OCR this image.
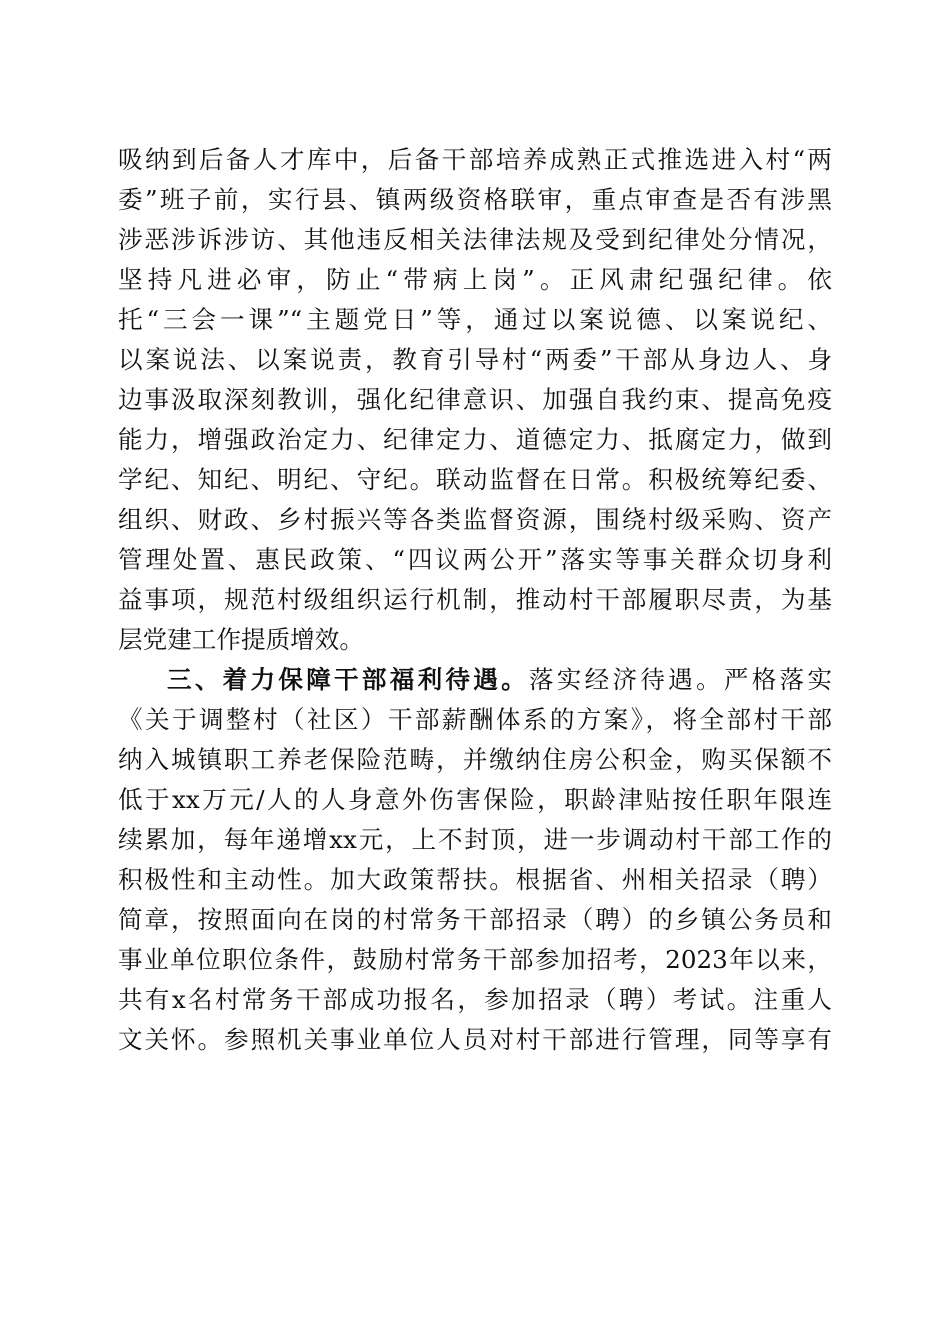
吸纳到后备人才库中，后备干部培养成熟正式推选进入村“两
委”班子前，实行县、镇两级资格联审，重点审查是否有涉黑
涉恶涉诉涉访、其他违反相关法律法规及受到纪律处分情况，
坚持凡进必审，防止“带病上岗”。正风肃纪强纪律。依
托“三会一课”“主题党日”等，通过以案说德、以案说纪、
以案说法、以案说责，教育引导村“两委”干部从身边人、身
边事汲取深刻教训，强化纪律意识、加强自我约束、提高免疫
能力，增强政治定力、纪律定力、道德定力、抵腐定力，做到
学纪、知纪、明纪、守纪。联动监督在日常。积极统筹纪委、
组织、财政、乡村振兴等各类监督资源，围绕村级采购、资产
管理处置、惠民政策、“四议两公开”落实等事关群众切身利
益事项，规范村级组织运行机制，推动村干部履职尽责，为基
层党建工作提质增效。
三、着力保障干部福利待遇。落实经济待遇。严格落实
《关于调整村（社区）干部薪酬体系的方案》，将全部村干部
纳入城镇职工养老保险范畴，并缴纳住房公积金，购买保额不
低于xx万元/人的人身意外伤害保险，职龄津贴按任职年限连
续累加，每年递增xx元，上不封顶，进一步调动村干部工作的
积极性和主动性。加大政策帮扶。根据省、州相关招录（聘）
简章，按照面向在岗的村常务干部招录（聘）的乡镇公务员和
事业单位职位条件，鼓励村常务干部参加招考，2023年以来，
共有x名村常务干部成功报名，参加招录（聘）考试。注重人
文关怀。参照机关事业单位人员对村干部进行管理，同等享有
